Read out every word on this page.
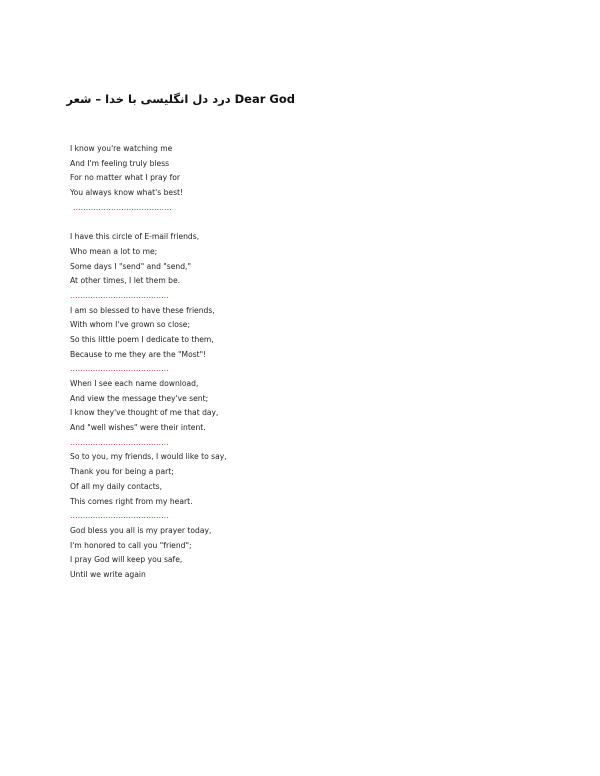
Dear God درد دل انگلیسی با خدا – شعر
I know you're watching me
And I'm feeling truly bless
For no matter what I pray for
You always know what's best!
…………………………………
I have this circle of E-mail friends,
Who mean a lot to me;
Some days I "send" and "send,"
At other times, I let them be.
…………………………………
I am so blessed to have these friends,
With whom I've grown so close;
So this little poem I dedicate to them,
Because to me they are the "Most"!
…………………………………
When I see each name download,
And view the message they've sent;
I know they've thought of me that day,
And "well wishes" were their intent.
…………………………………
So to you, my friends, I would like to say,
Thank you for being a part;
Of all my daily contacts,
This comes right from my heart.
…………………………………
God bless you all is my prayer today,
I'm honored to call you "friend";
I pray God will keep you safe,
Until we write again
